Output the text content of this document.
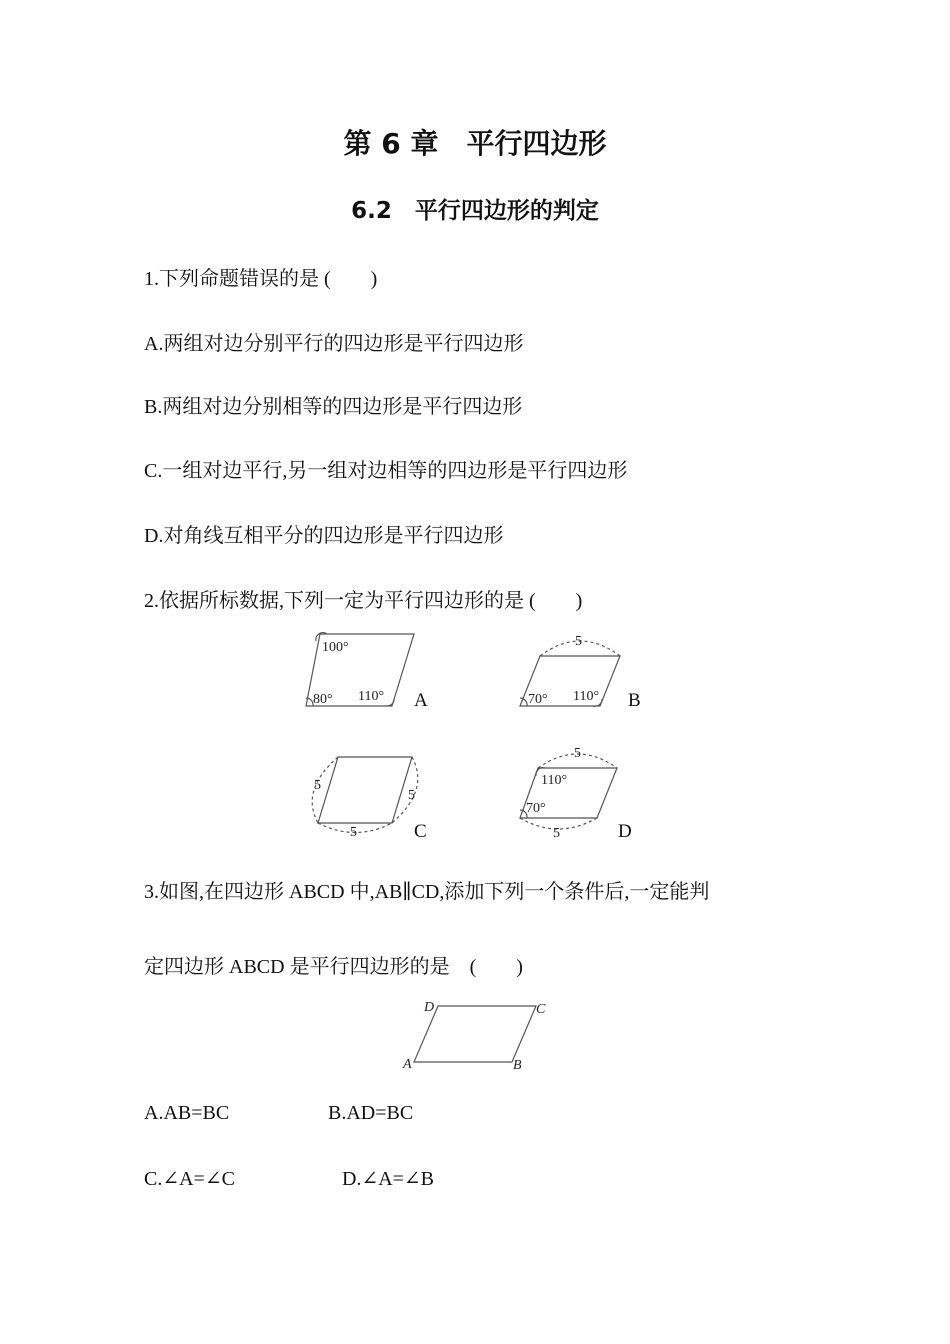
第 6 章　平行四边形
6.2　平行四边形的判定
1.下列命题错误的是 (　　)
A.两组对边分别平行的四边形是平行四边形
B.两组对边分别相等的四边形是平行四边形
C.一组对边平行,另一组对边相等的四边形是平行四边形
D.对角线互相平分的四边形是平行四边形
2.依据所标数据,下列一定为平行四边形的是 (　　)
100°
80° 110°
5
70° 110°
5
5
5
5
5
110°
70°
A	B
C	D
A	B
C
D
3.如图,在四边形 ABCD 中,AB∥CD,添加下列一个条件后,一定能判
定四边形 ABCD 是平行四边形的是　(　　)
A.AB=BC	B.AD=BC
C.∠A=∠C	D.∠A=∠B
